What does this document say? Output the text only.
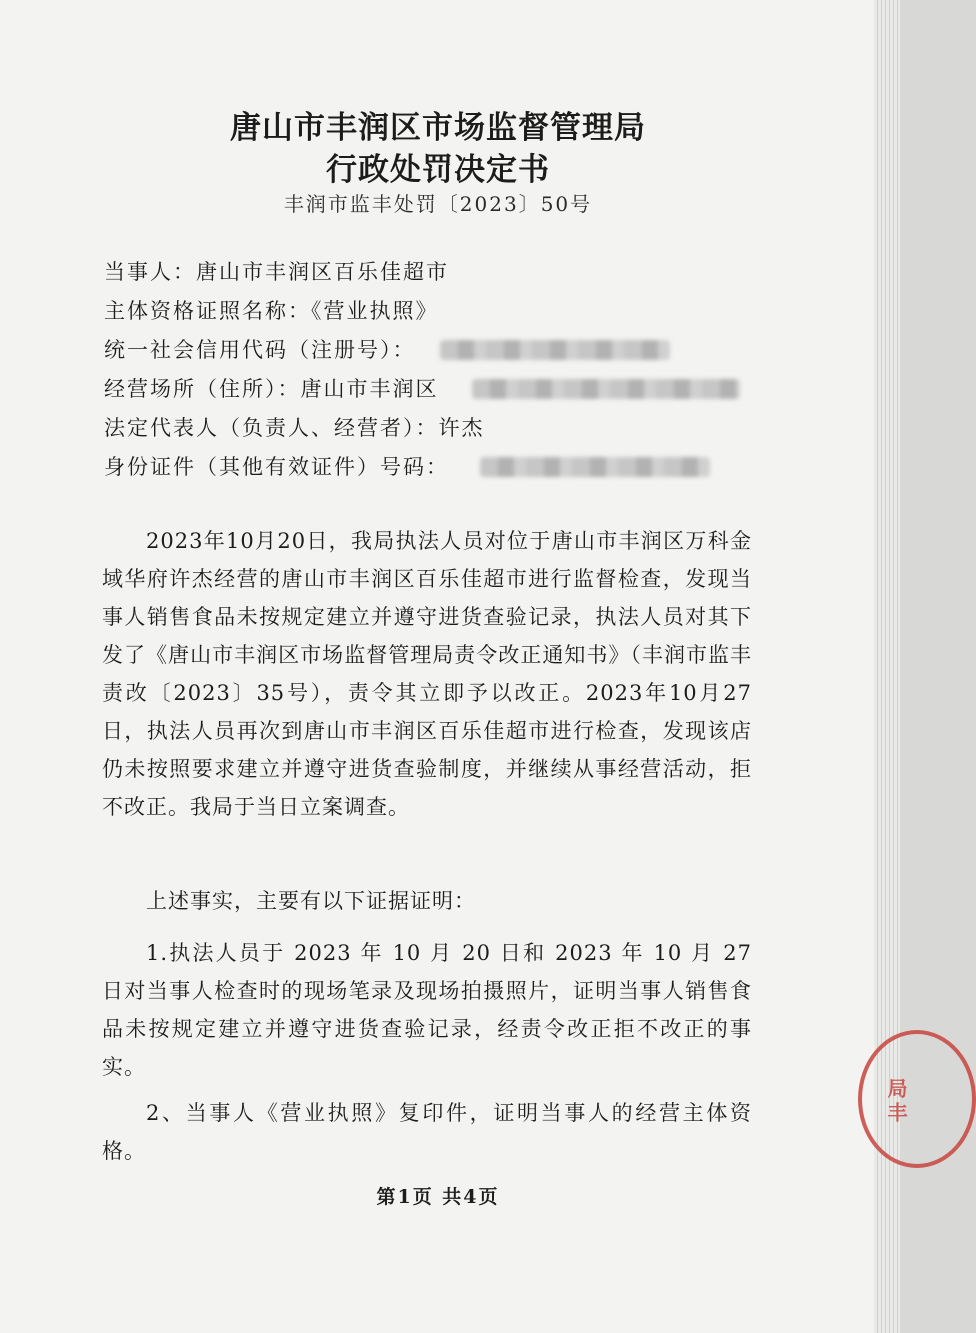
唐山市丰润区市场监督管理局
行政处罚决定书
丰润市监丰处罚〔2023〕50号
当事人：唐山市丰润区百乐佳超市
主体资格证照名称：《营业执照》
统一社会信用代码（注册号）：
经营场所（住所）：唐山市丰润区
法定代表人（负责人、经营者）：许杰
身份证件（其他有效证件）号码：
2023年10月20日，我局执法人员对位于唐山市丰润区万科金域华府许杰经营的唐山市丰润区百乐佳超市进行监督检查，发现当事人销售食品未按规定建立并遵守进货查验记录，执法人员对其下发了《唐山市丰润区市场监督管理局责令改正通知书》（丰润市监丰责改〔2023〕35号），责令其立即予以改正。2023年10月27日，执法人员再次到唐山市丰润区百乐佳超市进行检查，发现该店仍未按照要求建立并遵守进货查验制度，并继续从事经营活动，拒不改正。我局于当日立案调查。
上述事实，主要有以下证据证明：
1.执法人员于 2023 年 10 月 20 日和 2023 年 10 月 27 日对当事人检查时的现场笔录及现场拍摄照片，证明当事人销售食品未按规定建立并遵守进货查验记录，经责令改正拒不改正的事实。
2、当事人《营业执照》复印件，证明当事人的经营主体资格。
第1页 共4页
局丰
